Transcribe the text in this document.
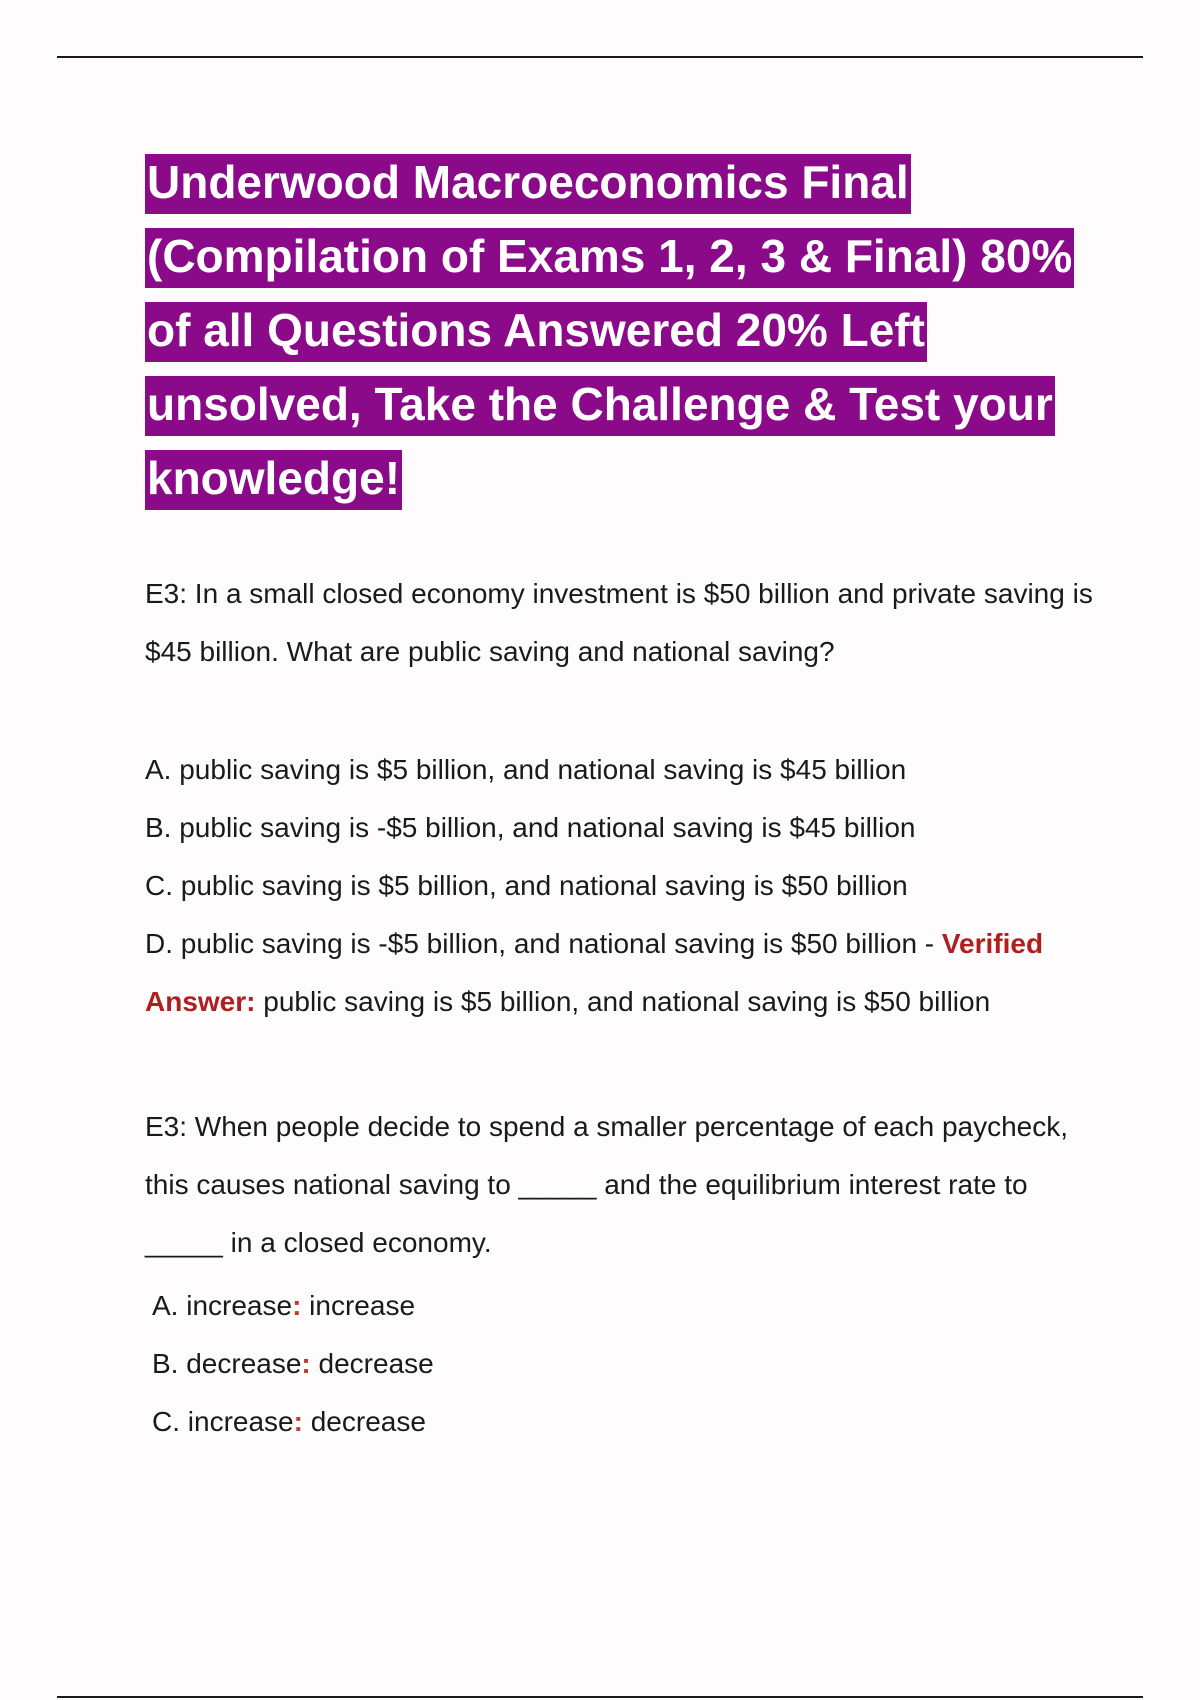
Underwood Macroeconomics Final (Compilation of Exams 1, 2, 3 & Final) 80% of all Questions Answered 20% Left unsolved, Take the Challenge & Test your knowledge!

E3: In a small closed economy investment is $50 billion and private saving is $45 billion. What are public saving and national saving?

A. public saving is $5 billion, and national saving is $45 billion
B. public saving is -$5 billion, and national saving is $45 billion
C. public saving is $5 billion, and national saving is $50 billion
D. public saving is -$5 billion, and national saving is $50 billion - Verified Answer: public saving is $5 billion, and national saving is $50 billion

E3: When people decide to spend a smaller percentage of each paycheck, this causes national saving to _____ and the equilibrium interest rate to _____ in a closed economy.

A. increase: increase
B. decrease: decrease
C. increase: decrease
